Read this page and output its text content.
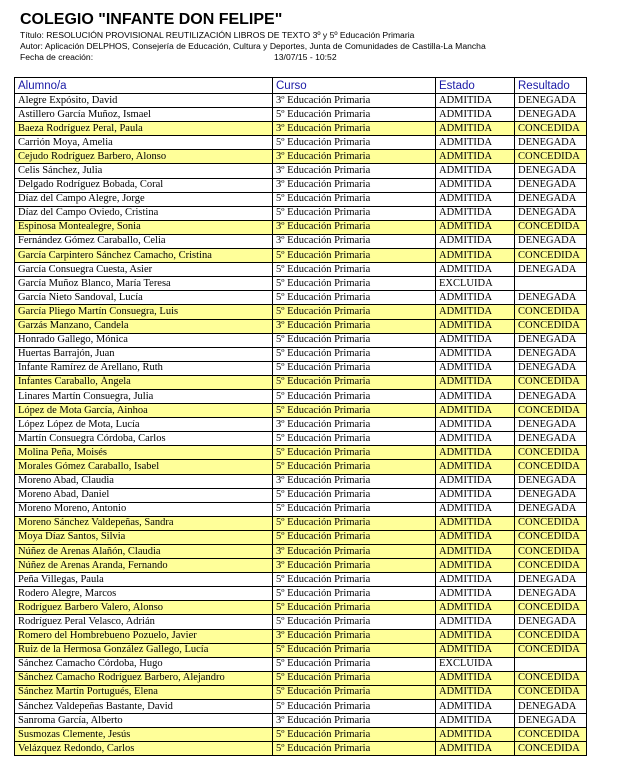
COLEGIO "INFANTE DON FELIPE"
Título: RESOLUCIÓN PROVISIONAL REUTILIZACIÓN LIBROS DE TEXTO 3º y 5º Educación Primaria
Autor: Aplicación DELPHOS, Consejería de Educación, Cultura y Deportes, Junta de Comunidades de Castilla-La Mancha
Fecha de creación:	13/07/15 - 10:52
Alumno/a	Curso	Estado	Resultado
Alegre Expósito, David	3º Educación Primaria	ADMITIDA	DENEGADA
Astillero García Muñoz, Ismael	5º Educación Primaria	ADMITIDA	DENEGADA
Baeza Rodríguez Peral, Paula	3º Educación Primaria	ADMITIDA	CONCEDIDA
Carrión Moya, Amelia	5º Educación Primaria	ADMITIDA	DENEGADA
Cejudo Rodríguez Barbero, Alonso	3º Educación Primaria	ADMITIDA	CONCEDIDA
Celis Sánchez, Julia	3º Educación Primaria	ADMITIDA	DENEGADA
Delgado Rodríguez Bobada, Coral	3º Educación Primaria	ADMITIDA	DENEGADA
Díaz del Campo Alegre, Jorge	5º Educación Primaria	ADMITIDA	DENEGADA
Díaz del Campo Oviedo, Cristina	5º Educación Primaria	ADMITIDA	DENEGADA
Espinosa Montealegre, Sonia	3º Educación Primaria	ADMITIDA	CONCEDIDA
Fernández Gómez Caraballo, Celia	3º Educación Primaria	ADMITIDA	DENEGADA
García Carpintero Sánchez Camacho, Cristina	5º Educación Primaria	ADMITIDA	CONCEDIDA
García Consuegra Cuesta, Asier	5º Educación Primaria	ADMITIDA	DENEGADA
García Muñoz Blanco, María Teresa	5º Educación Primaria	EXCLUIDA	
García Nieto Sandoval, Lucía	5º Educación Primaria	ADMITIDA	DENEGADA
García Pliego Martín Consuegra, Luis	5º Educación Primaria	ADMITIDA	CONCEDIDA
Garzás Manzano, Candela	3º Educación Primaria	ADMITIDA	CONCEDIDA
Honrado Gallego, Mónica	5º Educación Primaria	ADMITIDA	DENEGADA
Huertas Barrajón, Juan	5º Educación Primaria	ADMITIDA	DENEGADA
Infante Ramírez de Arellano, Ruth	5º Educación Primaria	ADMITIDA	DENEGADA
Infantes Caraballo, Ángela	5º Educación Primaria	ADMITIDA	CONCEDIDA
Linares Martín Consuegra, Julia	5º Educación Primaria	ADMITIDA	DENEGADA
López de Mota García, Ainhoa	5º Educación Primaria	ADMITIDA	CONCEDIDA
López López de Mota, Lucía	3º Educación Primaria	ADMITIDA	DENEGADA
Martín Consuegra Córdoba, Carlos	5º Educación Primaria	ADMITIDA	DENEGADA
Molina Peña, Moisés	5º Educación Primaria	ADMITIDA	CONCEDIDA
Morales Gómez Caraballo, Isabel	5º Educación Primaria	ADMITIDA	CONCEDIDA
Moreno Abad, Claudia	3º Educación Primaria	ADMITIDA	DENEGADA
Moreno Abad, Daniel	5º Educación Primaria	ADMITIDA	DENEGADA
Moreno Moreno, Antonio	5º Educación Primaria	ADMITIDA	DENEGADA
Moreno Sánchez Valdepeñas, Sandra	5º Educación Primaria	ADMITIDA	CONCEDIDA
Moya Díaz Santos, Silvia	5º Educación Primaria	ADMITIDA	CONCEDIDA
Núñez de Arenas Alañón, Claudia	3º Educación Primaria	ADMITIDA	CONCEDIDA
Núñez de Arenas Aranda, Fernando	3º Educación Primaria	ADMITIDA	CONCEDIDA
Peña Villegas, Paula	5º Educación Primaria	ADMITIDA	DENEGADA
Rodero Alegre, Marcos	5º Educación Primaria	ADMITIDA	DENEGADA
Rodríguez Barbero Valero, Alonso	5º Educación Primaria	ADMITIDA	CONCEDIDA
Rodríguez Peral Velasco, Adrián	5º Educación Primaria	ADMITIDA	DENEGADA
Romero del Hombrebueno Pozuelo, Javier	3º Educación Primaria	ADMITIDA	CONCEDIDA
Ruiz de la Hermosa González Gallego, Lucía	5º Educación Primaria	ADMITIDA	CONCEDIDA
Sánchez Camacho Córdoba, Hugo	5º Educación Primaria	EXCLUIDA	
Sánchez Camacho Rodríguez Barbero, Alejandro	5º Educación Primaria	ADMITIDA	CONCEDIDA
Sánchez Martín Portugués, Elena	5º Educación Primaria	ADMITIDA	CONCEDIDA
Sánchez Valdepeñas Bastante, David	5º Educación Primaria	ADMITIDA	DENEGADA
Sanroma García, Alberto	3º Educación Primaria	ADMITIDA	DENEGADA
Susmozas Clemente, Jesús	5º Educación Primaria	ADMITIDA	CONCEDIDA
Velázquez Redondo, Carlos	5º Educación Primaria	ADMITIDA	CONCEDIDA
